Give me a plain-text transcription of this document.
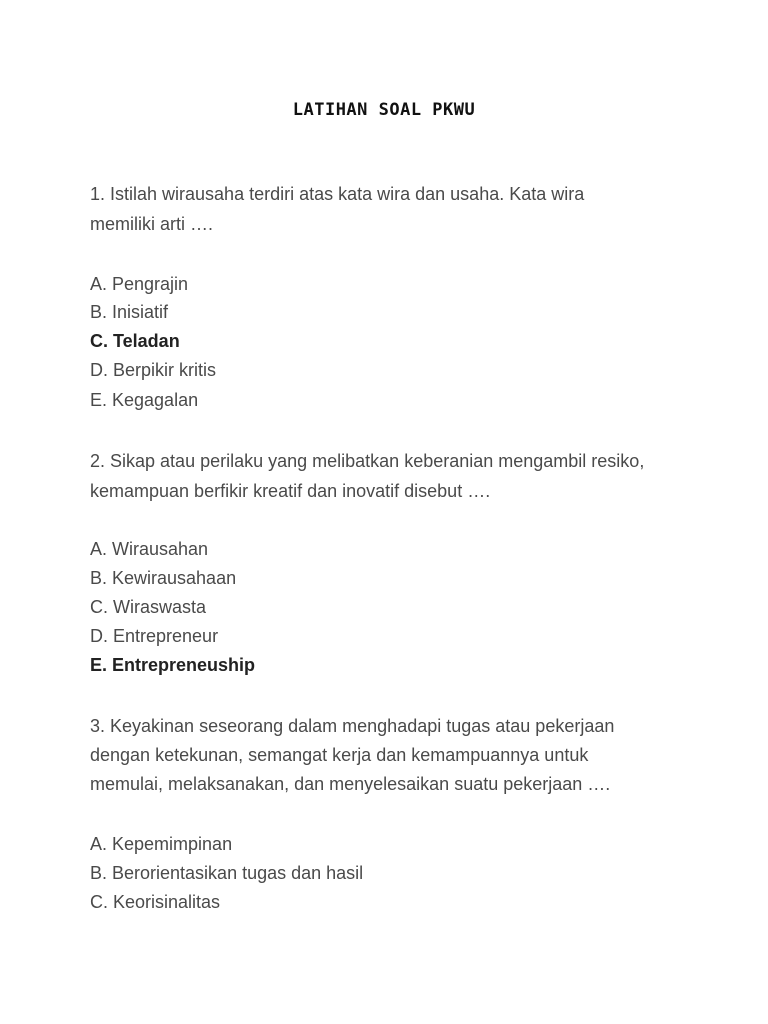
LATIHAN SOAL PKWU
1. Istilah wirausaha terdiri atas kata wira dan usaha. Kata wira
memiliki arti ….
A. Pengrajin
B. Inisiatif
C. Teladan
D. Berpikir kritis
E. Kegagalan
2. Sikap atau perilaku yang melibatkan keberanian mengambil resiko,
kemampuan berfikir kreatif dan inovatif disebut ….
A. Wirausahan
B. Kewirausahaan
C. Wiraswasta
D. Entrepreneur
E. Entrepreneuship
3. Keyakinan seseorang dalam menghadapi tugas atau pekerjaan
dengan ketekunan, semangat kerja dan kemampuannya untuk
memulai, melaksanakan, dan menyelesaikan suatu pekerjaan ….
A. Kepemimpinan
B. Berorientasikan tugas dan hasil
C. Keorisinalitas
